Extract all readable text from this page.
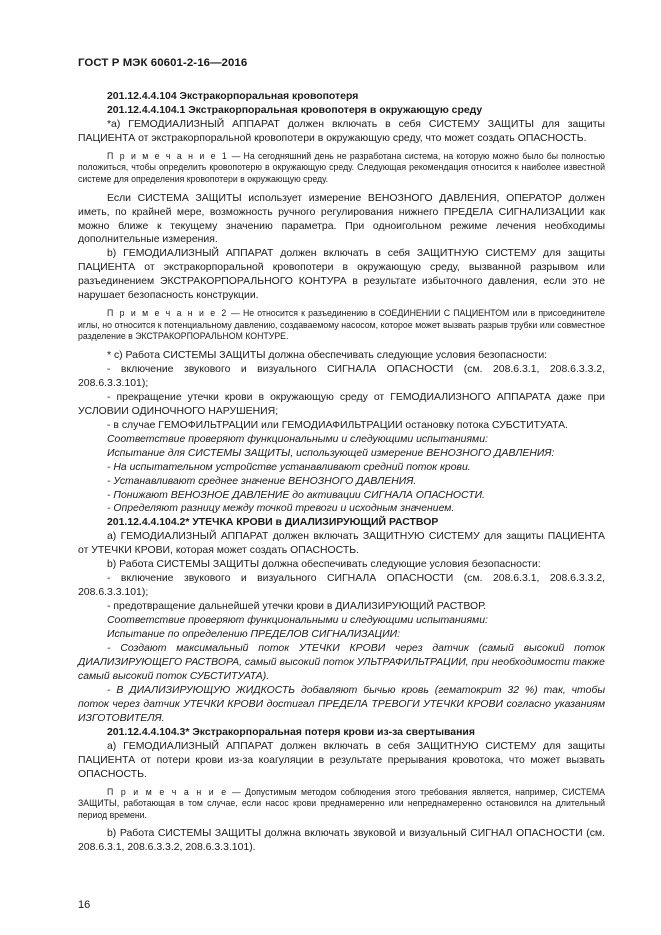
ГОСТ Р МЭК 60601-2-16—2016

201.12.4.4.104 Экстракорпоральная кровопотеря

201.12.4.4.104.1 Экстракорпоральная кровопотеря в окружающую среду

*а) ГЕМОДИАЛИЗНЫЙ АППАРАТ должен включать в себя СИСТЕМУ ЗАЩИТЫ для защиты ПАЦИЕНТА от экстракорпоральной кровопотери в окружающую среду, что может создать ОПАСНОСТЬ.

П р и м е ч а н и е 1 — На сегодняшний день не разработана система, на которую можно было бы полностью положиться, чтобы определить кровопотерю в окружающую среду. Следующая рекомендация относится к наиболее известной системе для определения кровопотери в окружающую среду.

Если СИСТЕМА ЗАЩИТЫ использует измерение ВЕНОЗНОГО ДАВЛЕНИЯ, ОПЕРАТОР должен иметь, по крайней мере, возможность ручного регулирования нижнего ПРЕДЕЛА СИГНАЛИЗАЦИИ как можно ближе к текущему значению параметра. При одноигольном режиме лечения необходимы дополнительные измерения.

b) ГЕМОДИАЛИЗНЫЙ АППАРАТ должен включать в себя ЗАЩИТНУЮ СИСТЕМУ для защиты ПАЦИЕНТА от экстракорпоральной кровопотери в окружающую среду, вызванной разрывом или разъединением ЭКСТРАКОРПОРАЛЬНОГО КОНТУРА в результате избыточного давления, если это не нарушает безопасность конструкции.

П р и м е ч а н и е 2 — Не относится к разъединению в СОЕДИНЕНИИ С ПАЦИЕНТОМ или в присоединителе иглы, но относится к потенциальному давлению, создаваемому насосом, которое может вызвать разрыв трубки или совместное разделение в ЭКСТРАКОРПОРАЛЬНОМ КОНТУРЕ.

* с) Работа СИСТЕМЫ ЗАЩИТЫ должна обеспечивать следующие условия безопасности:

- включение звукового и визуального СИГНАЛА ОПАСНОСТИ (см. 208.6.3.1, 208.6.3.3.2, 208.6.3.3.101);

- прекращение утечки крови в окружающую среду от ГЕМОДИАЛИЗНОГО АППАРАТА даже при УСЛОВИИ ОДИНОЧНОГО НАРУШЕНИЯ;

- в случае ГЕМОФИЛЬТРАЦИИ или ГЕМОДИАФИЛЬТРАЦИИ остановку потока СУБСТИТУАТА.

Соответствие проверяют функциональными и следующими испытаниями:

Испытание для СИСТЕМЫ ЗАЩИТЫ, использующей измерение ВЕНОЗНОГО ДАВЛЕНИЯ:

- На испытательном устройстве устанавливают средний поток крови.

- Устанавливают среднее значение ВЕНОЗНОГО ДАВЛЕНИЯ.

- Понижают ВЕНОЗНОЕ ДАВЛЕНИЕ до активации СИГНАЛА ОПАСНОСТИ.

- Определяют разницу между точкой тревоги и исходным значением.

201.12.4.4.104.2* УТЕЧКА КРОВИ в ДИАЛИЗИРУЮЩИЙ РАСТВОР

а) ГЕМОДИАЛИЗНЫЙ АППАРАТ должен включать ЗАЩИТНУЮ СИСТЕМУ для защиты ПАЦИЕНТА от УТЕЧКИ КРОВИ, которая может создать ОПАСНОСТЬ.

b) Работа СИСТЕМЫ ЗАЩИТЫ должна обеспечивать следующие условия безопасности:

- включение звукового и визуального СИГНАЛА ОПАСНОСТИ (см. 208.6.3.1, 208.6.3.3.2, 208.6.3.3.101);

- предотвращение дальнейшей утечки крови в ДИАЛИЗИРУЮЩИЙ РАСТВОР.

Соответствие проверяют функциональными и следующими испытаниями:

Испытание по определению ПРЕДЕЛОВ СИГНАЛИЗАЦИИ:

- Создают максимальный поток УТЕЧКИ КРОВИ через датчик (самый высокий поток ДИАЛИЗИРУЮЩЕГО РАСТВОРА, самый высокий поток УЛЬТРАФИЛЬТРАЦИИ, при необходимости также самый высокий поток СУБСТИТУАТА).

- В ДИАЛИЗИРУЮЩУЮ ЖИДКОСТЬ добавляют бычью кровь (гематокрит 32 %) так, чтобы поток через датчик УТЕЧКИ КРОВИ достигал ПРЕДЕЛА ТРЕВОГИ УТЕЧКИ КРОВИ согласно указаниям ИЗГОТОВИТЕЛЯ.

201.12.4.4.104.3* Экстракорпоральная потеря крови из-за свертывания

а) ГЕМОДИАЛИЗНЫЙ АППАРАТ должен включать в себя ЗАЩИТНУЮ СИСТЕМУ для защиты ПАЦИЕНТА от потери крови из-за коагуляции в результате прерывания кровотока, что может вызвать ОПАСНОСТЬ.

П р и м е ч а н и е — Допустимым методом соблюдения этого требования является, например, СИСТЕМА ЗАЩИТЫ, работающая в том случае, если насос крови преднамеренно или непреднамеренно остановился на длительный период времени.

b) Работа СИСТЕМЫ ЗАЩИТЫ должна включать звуковой и визуальный СИГНАЛ ОПАСНОСТИ (см. 208.6.3.1, 208.6.3.3.2, 208.6.3.3.101).

16
